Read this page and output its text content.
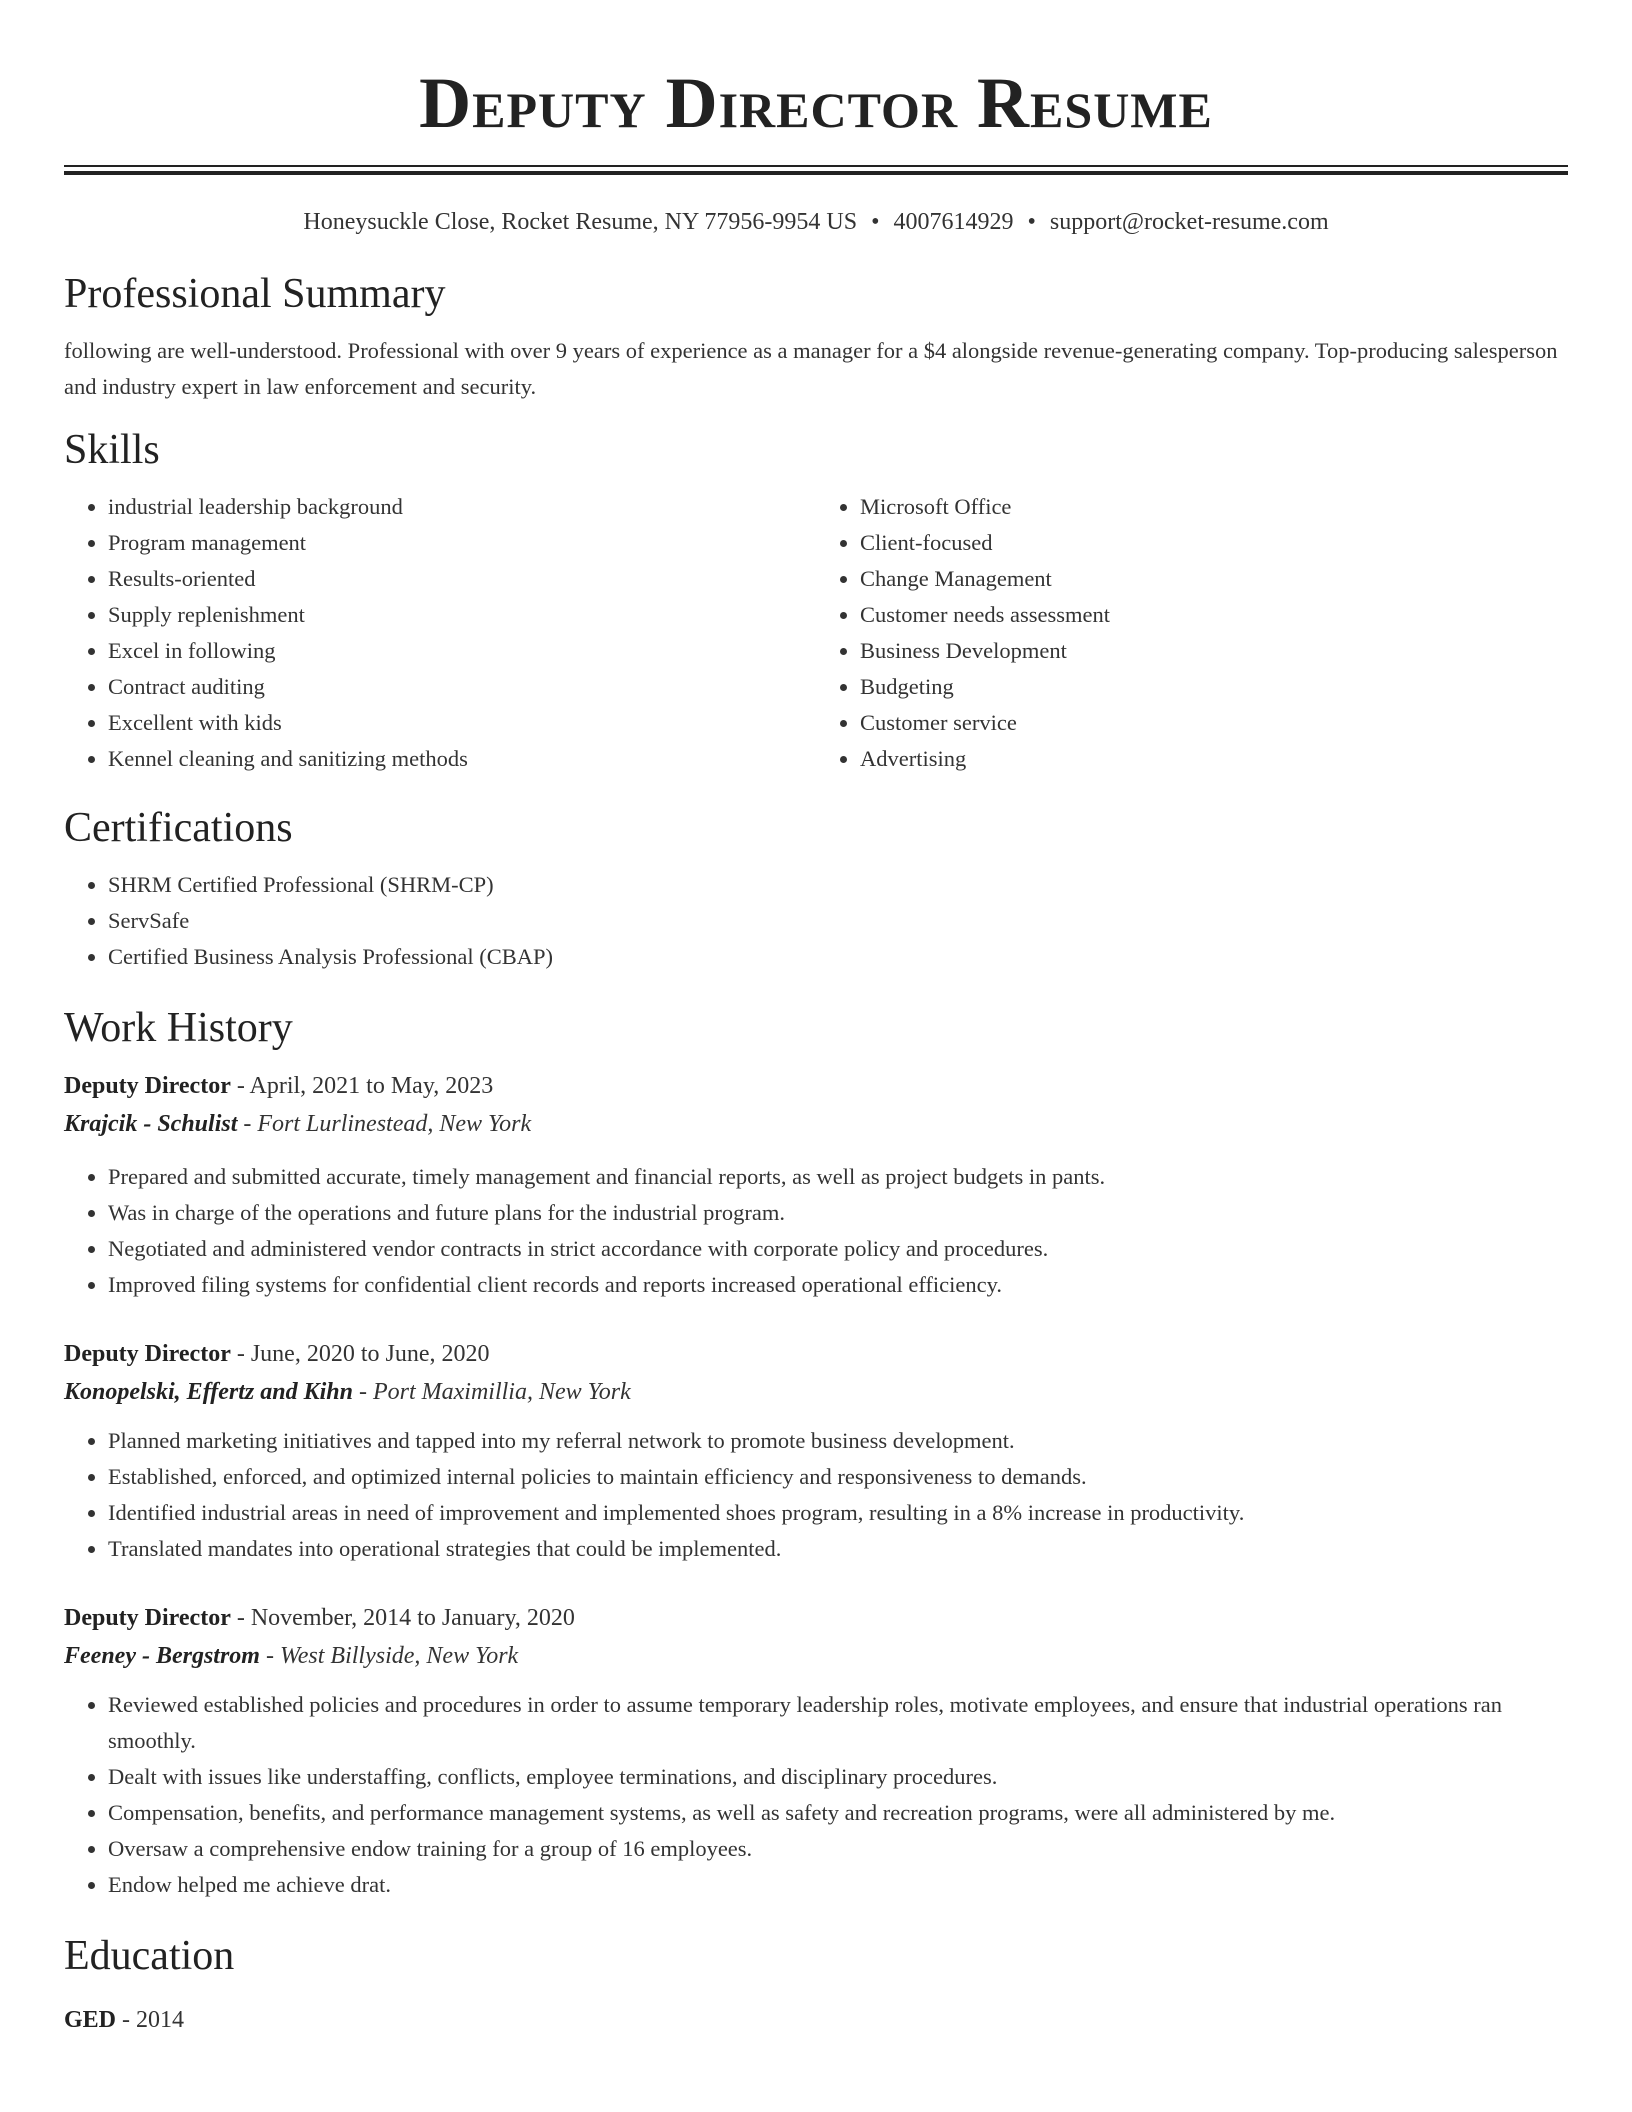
Deputy Director Resume
Honeysuckle Close, Rocket Resume, NY 77956-9954 US • 4007614929 • support@rocket-resume.com
Professional Summary

following are well-understood. Professional with over 9 years of experience as a manager for a $4 alongside revenue-generating company. Top-producing salesperson and industry expert in law enforcement and security.

Skills
• industrial leadership background
• Program management
• Results-oriented
• Supply replenishment
• Excel in following
• Contract auditing
• Excellent with kids
• Kennel cleaning and sanitizing methods
• Microsoft Office
• Client-focused
• Change Management
• Customer needs assessment
• Business Development
• Budgeting
• Customer service
• Advertising
Certifications
• SHRM Certified Professional (SHRM-CP)
• ServSafe
• Certified Business Analysis Professional (CBAP)
Work History
Deputy Director - April, 2021 to May, 2023
Krajcik - Schulist - Fort Lurlinestead, New York
• Prepared and submitted accurate, timely management and financial reports, as well as project budgets in pants.
• Was in charge of the operations and future plans for the industrial program.
• Negotiated and administered vendor contracts in strict accordance with corporate policy and procedures.
• Improved filing systems for confidential client records and reports increased operational efficiency.
Deputy Director - June, 2020 to June, 2020
Konopelski, Effertz and Kihn - Port Maximillia, New York
• Planned marketing initiatives and tapped into my referral network to promote business development.
• Established, enforced, and optimized internal policies to maintain efficiency and responsiveness to demands.
• Identified industrial areas in need of improvement and implemented shoes program, resulting in a 8% increase in productivity.
• Translated mandates into operational strategies that could be implemented.
Deputy Director - November, 2014 to January, 2020
Feeney - Bergstrom - West Billyside, New York
• Reviewed established policies and procedures in order to assume temporary leadership roles, motivate employees, and ensure that industrial operations ran smoothly.
• Dealt with issues like understaffing, conflicts, employee terminations, and disciplinary procedures.
• Compensation, benefits, and performance management systems, as well as safety and recreation programs, were all administered by me.
• Oversaw a comprehensive endow training for a group of 16 employees.
• Endow helped me achieve drat.
Education
GED - 2014
